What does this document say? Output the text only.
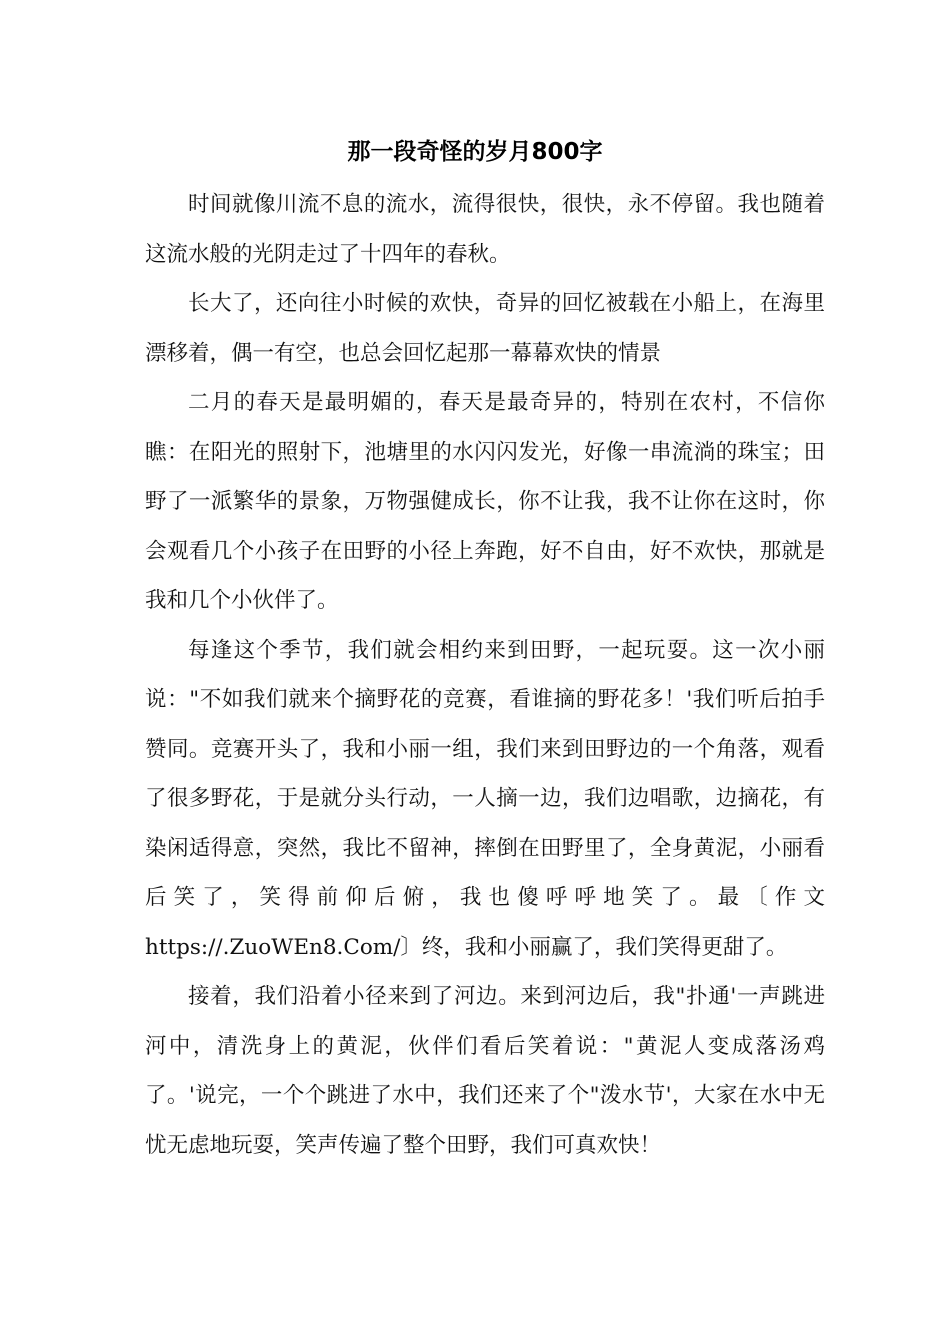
那一段奇怪的岁月800字

时间就像川流不息的流水，流得很快，很快，永不停留。我也随着这流水般的光阴走过了十四年的春秋。

长大了，还向往小时候的欢快，奇异的回忆被载在小船上，在海里漂移着，偶一有空，也总会回忆起那一幕幕欢快的情景

二月的春天是最明媚的，春天是最奇异的，特别在农村，不信你瞧：在阳光的照射下，池塘里的水闪闪发光，好像一串流淌的珠宝；田野了一派繁华的景象，万物强健成长，你不让我，我不让你在这时，你会观看几个小孩子在田野的小径上奔跑，好不自由，好不欢快，那就是我和几个小伙伴了。

每逢这个季节，我们就会相约来到田野，一起玩耍。这一次小丽说："不如我们就来个摘野花的竞赛，看谁摘的野花多！'我们听后拍手赞同。竞赛开头了，我和小丽一组，我们来到田野边的一个角落，观看了很多野花，于是就分头行动，一人摘一边，我们边唱歌，边摘花，有染闲适得意，突然，我比不留神，摔倒在田野里了，全身黄泥，小丽看后笑了，笑得前仰后俯，我也傻呼呼地笑了。最〔作文https://.ZuoWEn8.Com/〕终，我和小丽赢了，我们笑得更甜了。

接着，我们沿着小径来到了河边。来到河边后，我"扑通'一声跳进河中，清洗身上的黄泥，伙伴们看后笑着说："黄泥人变成落汤鸡了。'说完，一个个跳进了水中，我们还来了个"泼水节'，大家在水中无忧无虑地玩耍，笑声传遍了整个田野，我们可真欢快！
